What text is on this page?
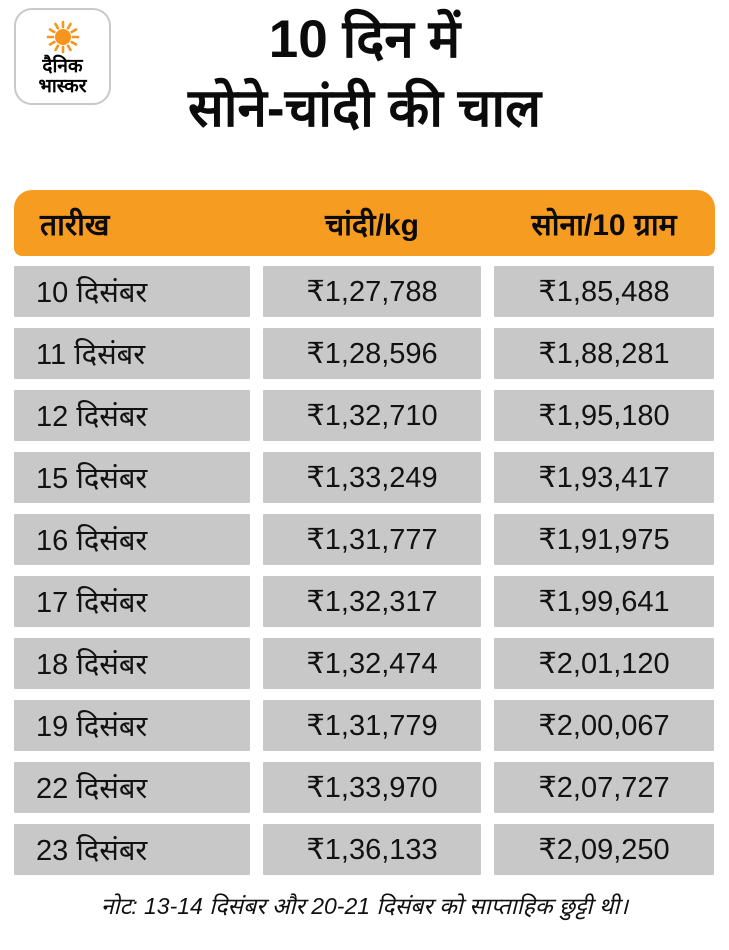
दैनिक
भास्कर
10 दिन में
सोने-चांदी की चाल
तारीख	चांदी/kg	सोना/10 ग्राम
10 दिसंबर	₹1,27,788	₹1,85,488
11 दिसंबर	₹1,28,596	₹1,88,281
12 दिसंबर	₹1,32,710	₹1,95,180
15 दिसंबर	₹1,33,249	₹1,93,417
16 दिसंबर	₹1,31,777	₹1,91,975
17 दिसंबर	₹1,32,317	₹1,99,641
18 दिसंबर	₹1,32,474	₹2,01,120
19 दिसंबर	₹1,31,779	₹2,00,067
22 दिसंबर	₹1,33,970	₹2,07,727
23 दिसंबर	₹1,36,133	₹2,09,250
नोट: 13-14 दिसंबर और 20-21 दिसंबर को साप्ताहिक छुट्टी थी।
